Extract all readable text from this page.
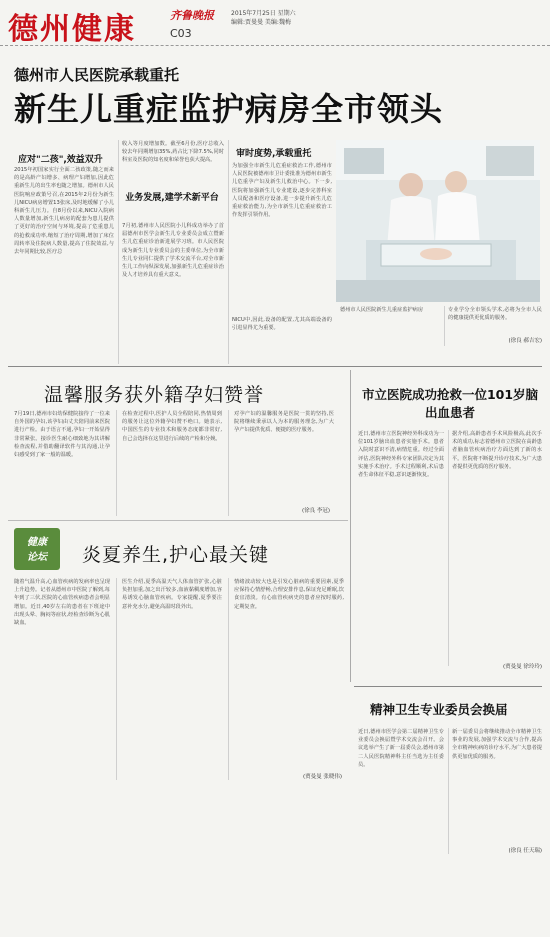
德州健康	齐鲁晚报	2015年7月25日 星期六
编辑:贾曼曼 美编:魏梅
C03
德州市人民医院承载重托
新生儿重症监护病房全市领头
应对"二孩",效益双升
2015年初国家实行全面二孩政策,随之而来的是高龄产妇增多、病理产妇增加,因此危重新生儿的出生率也随之增加。德州市人民医院响应政策号召,在2015年2月份为新生儿NICU病房增置13张床,及时地缓解了小儿科新生儿压力。自8月份以来,NICU入院病人数量增加,新生儿病房的配套为患儿提供了更好的治疗空间与环境,提高了危重患儿的抢救成功率,缩短了治疗周期,增加了床位周转率及住院病人数量,提高了住院效益,与去年同期比较,医疗总
收入等月度增加数。截至6月份,医疗总收入较去年同期增加35%,药占比下降7.5%,同时科室及医院的知名度和荣誉也获大提高。
业务发展,建学术新平台
7月初,德州市人民医院小儿科成功举办了首届德州市医学会新生儿专业委员会成立暨新生儿危重症诊治新进展学习班。市人民医院成为新生儿专业委员会的主委单位,为全市新生儿专业同仁提供了学术交流平台,对全市新生儿工作向纵深发展,加强新生儿危重症诊治及人才培养具有重大意义。
审时度势,承载重托
为加强全市新生儿危重症救治工作,德州市人民医院被德州市卫计委批准为德州市新生儿危重孕产妇及新生儿救治中心。下一步,医院将加强新生儿专业建设,逐步完善科室人员配备和医疗设备,进一步提升新生儿危重症救治能力,为全市新生儿危重症救治工作发挥引领作用。
NICU中,因此,设备的配置,尤其高端设备的引进显得尤为重要。
德州市人民医院新生儿重症监护病房	专业学分全市领头学术,必将为全市人民的健康提供更优质的服务。
(徐良 郝吉宏)
温馨服务获外籍孕妇赞誉
7月19日,德州市妇幼保健院接待了一位来自外国的孕妇,该孕妇由丈夫陪同前来医院进行产检。由于语言不通,孕妇一开始显得非常紧张。接诊医生耐心细致地为其讲解检查流程,并借助翻译软件与其沟通,让孕妇感受到了家一般的温暖。
在检查过程中,医护人员全程陪同,热情周到的服务让这位外籍孕妇赞不绝口。她表示,中国医生的专业技术和服务态度都非常好,自己会选择在这里进行后续的产检和分娩。
对孕产妇的温馨服务是医院一贯的坚持,医院将继续秉承以人为本的服务理念,为广大孕产妇提供优质、便捷的医疗服务。
(徐良 李冠)
市立医院成功抢救一位101岁脑出血患者
近日,德州市立医院神经外科成功为一位101岁脑出血患者实施手术。患者入院时意识不清,病情危重。经过全面评估,医院神经外科专家团队决定为其实施手术治疗。手术过程顺利,术后患者生命体征平稳,意识逐渐恢复。
据介绍,高龄患者手术风险极高,此次手术的成功,标志着德州市立医院在高龄患者脑血管疾病治疗方面达到了新的水平。医院将不断提升诊疗技术,为广大患者提供更优质的医疗服务。
(贾曼曼 徐玲玲)
健康
论坛	炎夏养生,护心最关键
随着气温升高,心血管疾病的发病率也呈现上升趋势。记者从德州市中医院了解到,每年到了三伏,医院的心血管疾病患者会明显增加。近日,40岁左右的患者在下班途中出现头晕、胸闷等症状,经检查诊断为心肌缺血。
医生介绍,夏季高温天气人体血管扩张,心脏负担加重,加之出汗较多,血液黏稠度增加,容易诱发心脑血管疾病。专家提醒,夏季要注意补充水分,避免高温时段外出。
情绪波动较大也是引发心脏病的重要因素,夏季应保持心情舒畅,合理安排作息,保证充足睡眠,饮食宜清淡。有心血管疾病史的患者应按时服药,定期复查。
(贾曼曼 张晓伟)
精神卫生专业委员会换届
近日,德州市医学会第二届精神卫生专业委员会换届暨学术交流会召开。会议选举产生了新一届委员会,德州市第二人民医院精神科主任当选为主任委员。
新一届委员会将继续推动全市精神卫生事业的发展,加强学术交流与合作,提高全市精神疾病的诊疗水平,为广大患者提供更加优质的服务。
(徐良 任天瑞)
